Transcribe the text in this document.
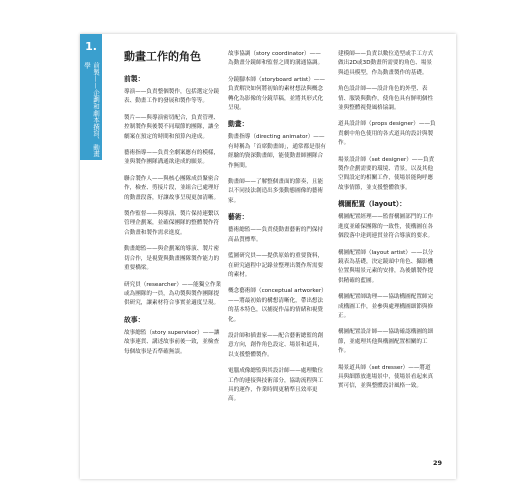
1.
前製——企劃和劇本撰寫、動畫學
動畫工作的角色
前製：

導演——負責整個製作，包括選定分鏡表、動畫工作的發展和製作等等。

製片——與導演密切配合，負責管理、控制製作與後製不同環節的團隊，讓全劇案在預定的時間和預算內達成。

藝術指導——負責全劇案應有的模樣，並與製作團隊溝通欲達成的願景。

聯合製作人——與核心團隊成員緊密合作，檢查、剪接片段，並組合已處理好的動畫段落，好讓故事呈現更加清晰。

製作監督——與導演、製片保持連繫以管理企劃案，並確保團隊的整體製作符合動畫和製作需求進度。

動畫總監——與企劃案的導演、製片密切合作，是視覺與動畫團隊製作能力的重要橋梁。

研究員（researcher）——能獨立作業或為團隊的一員，為功製與製作團隊提供研究，讓素材符合事實並適度呈現。

故事：

故事總監（story supervisor）——讓故事連貫、講述故事前後一致，並檢查每個故事是否準確無誤。

故事協調（story coordinator）——為動畫分鏡師和監督之間的溝通協調。

分鏡腳本師（storyboard artist）——負責解決如何將初始的素材想法與概念轉化為影像的分鏡草稿，並將其形式化呈現。

動畫：

動畫指導（directing animator）——有時稱為「首席動畫師」，通常都是很有經驗的資深動畫師，能使動畫師團隊合作無間。

動畫師——了解整個畫面的節奏，且能以不同技法創造出多張動態圖像的藝術家。

藝術：

藝術總監——負責使動畫藝術的門保持高品質標準。

藍圖研究員——提供原始的重要資料，在研究過程中記錄並整理出製作所需要的素材。

概念藝術師（conceptual artworker）——將最初始的構想清晰化，帶出想法的基本特色，以捕捉作品的情緒和視覺化。

設計師和插畫家——配合藝術總監的創意方向，創作角色設定、場景和道具，以支援整體製作。

電腦成像總監與其設計師——處理數位工作的連接與技術部分，協助流程與工具的運作，作業時間更精準且效率更高。

建模師——負責以數位造型或手工方式做出2D或3D動畫所需要的角色、場景與道具模型，作為動畫製作的基礎。

角色設計師——設計角色的外型、表情、服裝與動作，使角色具有鮮明個性並與整體視覺風格協調。

道具設計師（props designer）——負責劇中角色使用的各式道具的設計與製作。

場景設計師（set designer）——負責製作企劃需要的環境、背景，以及其他空間設定的相關工作，使場景能夠呼應故事情節，並支援整體敘事。

構圖配置（layout）：

構圖配置經理——監督構圖部門的工作進度並確保團隊的一致性，使構圖在各個段落中達到連貫並符合導演的要求。

構圖配置師（layout artist）——以分鏡表為基礎，決定鏡頭中角色、攝影機位置與場景元素的安排，為後續製作提供精確的藍圖。

構圖配置師助理——協助構圖配置師完成構圖工作，並參與處理構圖細節與修正。

構圖配置設計師——協助確認構圖的細節，並處理其他與構圖配置相關的工作。

場景道具師（set dresser）——將道具與細節放進場景中，使場景看起來真實可信，並與整體設計風格一致。

29
